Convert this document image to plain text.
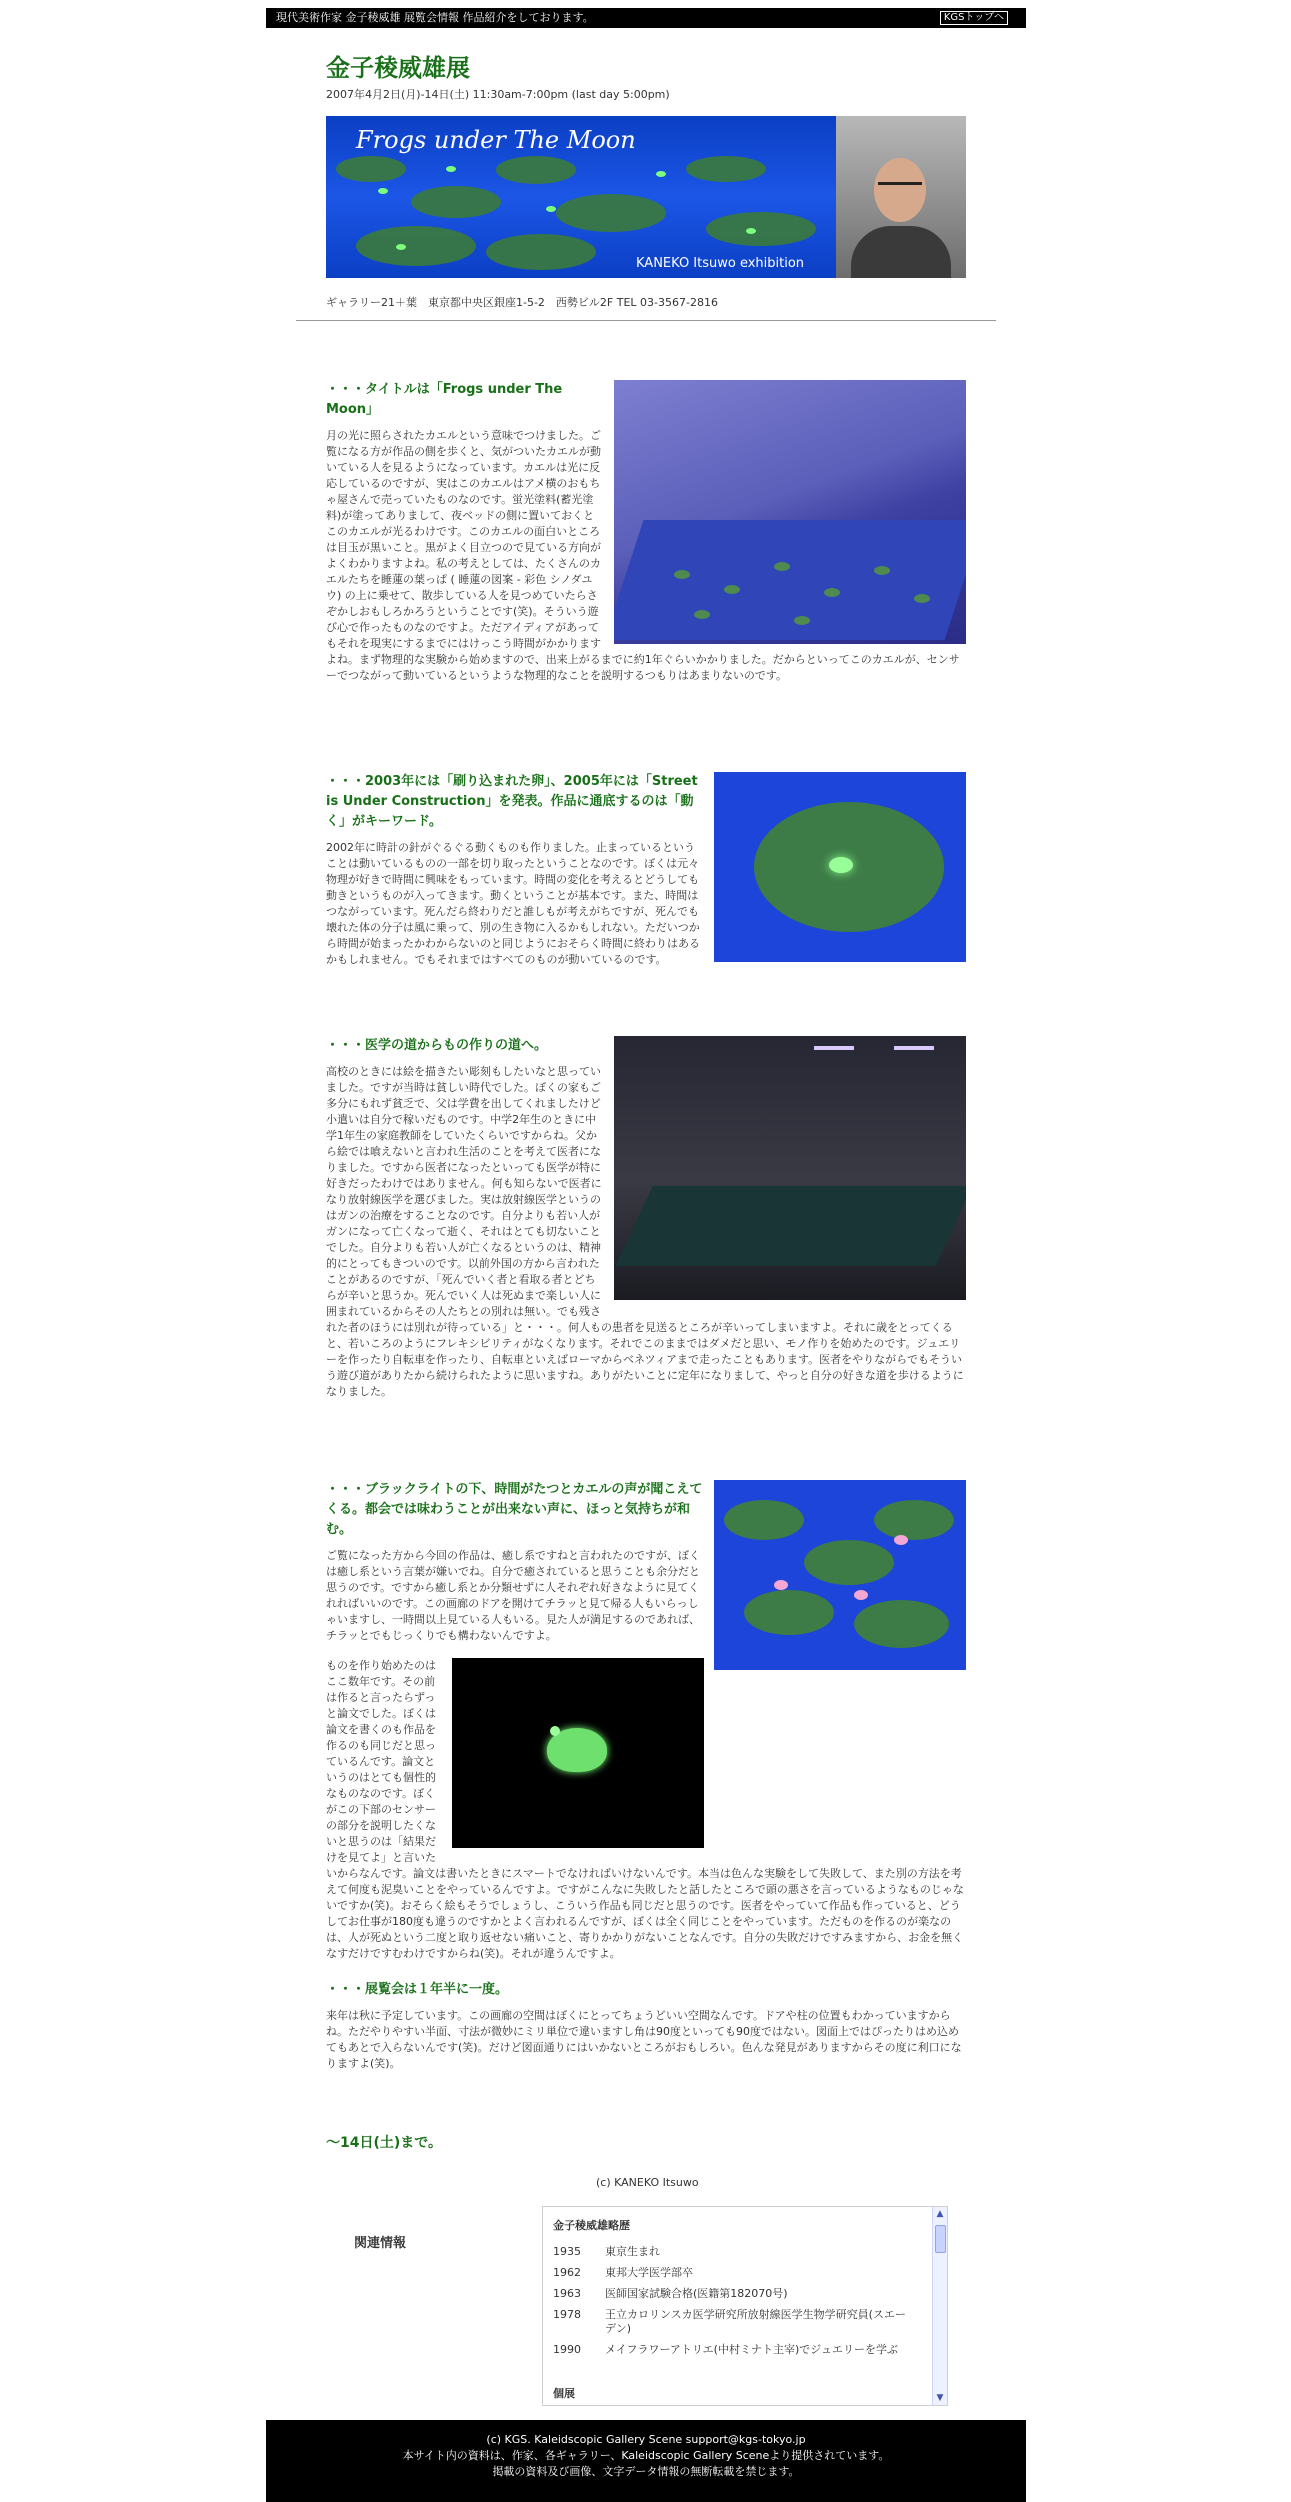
現代美術作家 金子稜威雄 展覧会情報 作品紹介をしております。	KGSトップへ
金子稜威雄展
2007年4月2日(月)-14日(土) 11:30am-7:00pm (last day 5:00pm)
Frogs under The Moon
KANEKO Itsuwo exhibition
ギャラリー21＋葉　東京都中央区銀座1-5-2　西勢ビル2F TEL 03-3567-2816
・・・タイトルは「Frogs under The Moon」

月の光に照らされたカエルという意味でつけました。ご覧になる方が作品の側を歩くと、気がついたカエルが動いている人を見るようになっています。カエルは光に反応しているのですが、実はこのカエルはアメ横のおもちゃ屋さんで売っていたものなのです。蛍光塗料(蓄光塗料)が塗ってありまして、夜ベッドの側に置いておくとこのカエルが光るわけです。このカエルの面白いところは目玉が黒いこと。黒がよく目立つので見ている方向がよくわかりますよね。私の考えとしては、たくさんのカエルたちを睡蓮の葉っぱ ( 睡蓮の図案 - 彩色 シノダユウ) の上に乗せて、散歩している人を見つめていたらさぞかしおもしろかろうということです(笑)。そういう遊び心で作ったものなのですよ。ただアイディアがあってもそれを現実にするまでにはけっこう時間がかかりますよね。まず物理的な実験から始めますので、出来上がるまでに約1年ぐらいかかりました。だからといってこのカエルが、センサーでつながって動いているというような物理的なことを説明するつもりはあまりないのです。

・・・2003年には「刷り込まれた卵」、2005年には「Street is Under Construction」を発表。作品に通底するのは「動く」がキーワード。

2002年に時計の針がぐるぐる動くものも作りました。止まっているということは動いているものの一部を切り取ったということなのです。ぼくは元々物理が好きで時間に興味をもっています。時間の変化を考えるとどうしても動きというものが入ってきます。動くということが基本です。また、時間はつながっています。死んだら終わりだと誰しもが考えがちですが、死んでも壊れた体の分子は風に乗って、別の生き物に入るかもしれない。ただいつから時間が始まったかわからないのと同じようにおそらく時間に終わりはあるかもしれません。でもそれまではすべてのものが動いているのです。

・・・医学の道からもの作りの道へ。

高校のときには絵を描きたい彫刻もしたいなと思っていました。ですが当時は貧しい時代でした。ぼくの家もご多分にもれず貧乏で、父は学費を出してくれましたけど小遣いは自分で稼いだものです。中学2年生のときに中学1年生の家庭教師をしていたくらいですからね。父から絵では喰えないと言われ生活のことを考えて医者になりました。ですから医者になったといっても医学が特に好きだったわけではありません。何も知らないで医者になり放射線医学を選びました。実は放射線医学というのはガンの治療をすることなのです。自分よりも若い人がガンになって亡くなって逝く、それはとても切ないことでした。自分よりも若い人が亡くなるというのは、精神的にとってもきついのです。以前外国の方から言われたことがあるのですが、「死んでいく者と看取る者とどちらが辛いと思うか。死んでいく人は死ぬまで楽しい人に囲まれているからその人たちとの別れは無い。でも残された者のほうには別れが待っている」と・・・。何人もの患者を見送るところが辛いってしまいますよ。それに歳をとってくると、若いころのようにフレキシビリティがなくなります。それでこのままではダメだと思い、モノ作りを始めたのです。ジュエリーを作ったり自転車を作ったり、自転車といえばローマからベネツィアまで走ったこともあります。医者をやりながらでもそういう遊び道がありたから続けられたように思いますね。ありがたいことに定年になりまして、やっと自分の好きな道を歩けるようになりました。

・・・ブラックライトの下、時間がたつとカエルの声が聞こえてくる。都会では味わうことが出来ない声に、ほっと気持ちが和む。

ご覧になった方から今回の作品は、癒し系ですねと言われたのですが、ぼくは癒し系という言葉が嫌いでね。自分で癒されていると思うことも余分だと思うのです。ですから癒し系とか分類せずに人それぞれ好きなように見てくれればいいのです。この画廊のドアを開けてチラッと見て帰る人もいらっしゃいますし、一時間以上見ている人もいる。見た人が満足するのであれば、チラッとでもじっくりでも構わないんですよ。

ものを作り始めたのはここ数年です。その前は作ると言ったらずっと論文でした。ぼくは論文を書くのも作品を作るのも同じだと思っているんです。論文というのはとても個性的なものなのです。ぼくがこの下部のセンサーの部分を説明したくないと思うのは「結果だけを見てよ」と言いたいからなんです。論文は書いたときにスマートでなければいけないんです。本当は色んな実験をして失敗して、また別の方法を考えて何度も泥臭いことをやっているんですよ。ですがこんなに失敗したと話したところで頭の悪さを言っているようなものじゃないですか(笑)。おそらく絵もそうでしょうし、こういう作品も同じだと思うのです。医者をやっていて作品も作っていると、どうしてお仕事が180度も違うのですかとよく言われるんですが、ぼくは全く同じことをやっています。ただものを作るのが楽なのは、人が死ぬという二度と取り返せない痛いこと、寄りかかりがないことなんです。自分の失敗だけですみますから、お金を無くなすだけですむわけですからね(笑)。それが違うんですよ。

・・・展覧会は１年半に一度。

来年は秋に予定しています。この画廊の空間はぼくにとってちょうどいい空間なんです。ドアや柱の位置もわかっていますからね。ただやりやすい半面、寸法が微妙にミリ単位で違いますし角は90度といっても90度ではない。図面上ではぴったりはめ込めてもあとで入らないんです(笑)。だけど図面通りにはいかないところがおもしろい。色んな発見がありますからその度に利口になりますよ(笑)。

〜14日(土)まで。
(c) KANEKO Itsuwo
関連情報
金子稜威雄略歴
1935	東京生まれ
1962	東邦大学医学部卒
1963	医師国家試験合格(医籍第182070号)
1978	王立カロリンスカ医学研究所放射線医学生物学研究員(スエーデン)
1990	メイフラワーアトリエ(中村ミナト主宰)でジュエリーを学ぶ
個展
▲
▼
(c) KGS. Kaleidscopic Gallery Scene support@kgs-tokyo.jp
本サイト内の資料は、作家、各ギャラリー、Kaleidscopic Gallery Sceneより提供されています。
掲載の資料及び画像、文字データ情報の無断転載を禁じます。
